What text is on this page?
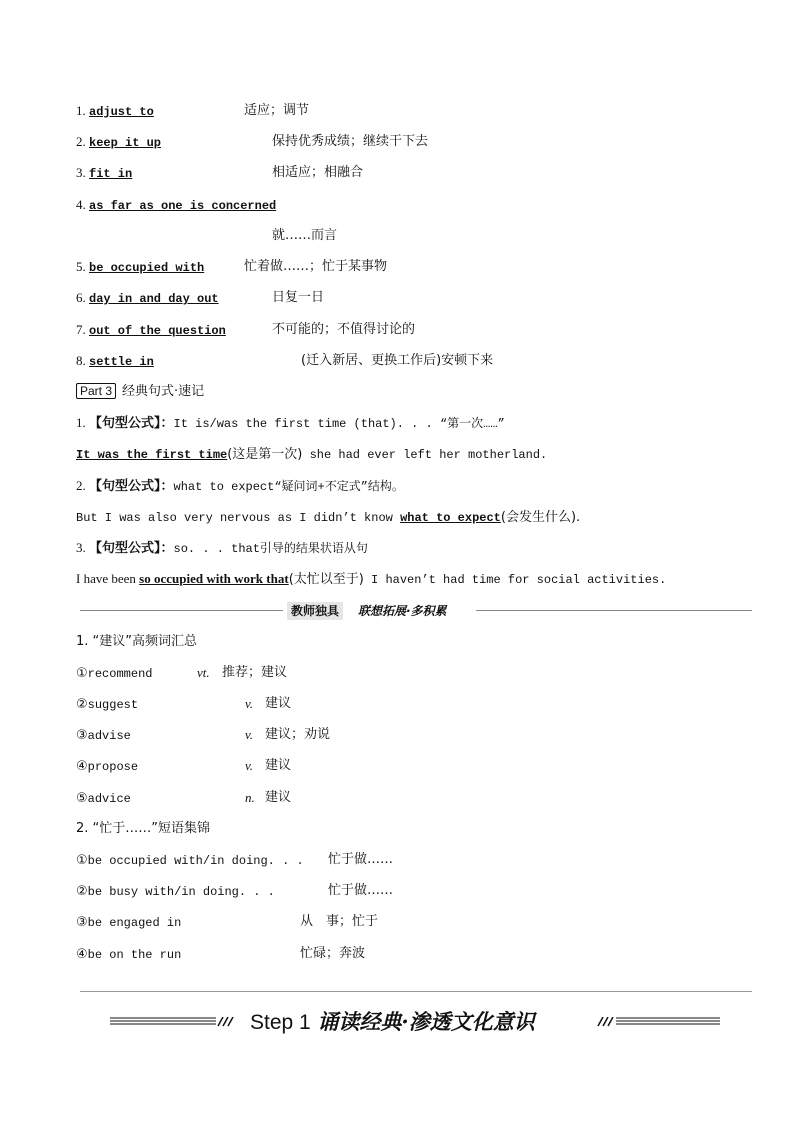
1. adjust to	适应；调节
2. keep it up	保持优秀成绩；继续干下去
3. fit in	相适应；相融合
4. as far as one is concerned
就……而言
5. be occupied with	忙着做……；忙于某事物
6. day in and day out	日复一日
7. out of the question	不可能的；不值得讨论的
8. settle in	(迁入新居、更换工作后)安顿下来
Part 3 经典句式·速记
1. 【句型公式】：It is/was the first time (that). . . “第一次……”
It was the first time(这是第一次) she had ever left her motherland.
2. 【句型公式】：what to expect“疑问词+不定式”结构。
But I was also very nervous as I didn’t know what to expect(会发生什么).
3. 【句型公式】：so. . . that引导的结果状语从句
I have been so occupied with work that(太忙以至于) I haven’t had time for social activities.
教师独具	联想拓展·多积累
1. “建议”高频词汇总
①recommend	vt. 推荐；建议
②suggest	v. 建议
③advise	v. 建议；劝说
④propose	v. 建议
⑤advice	n. 建议
2. “忙于……”短语集锦
①be occupied with/in doing. . . 忙于做……
②be busy with/in doing. . .	忙于做……
③be engaged in	从　事；忙于
④be on the run	忙碌；奔波
Step 1 诵读经典·渗透文化意识
